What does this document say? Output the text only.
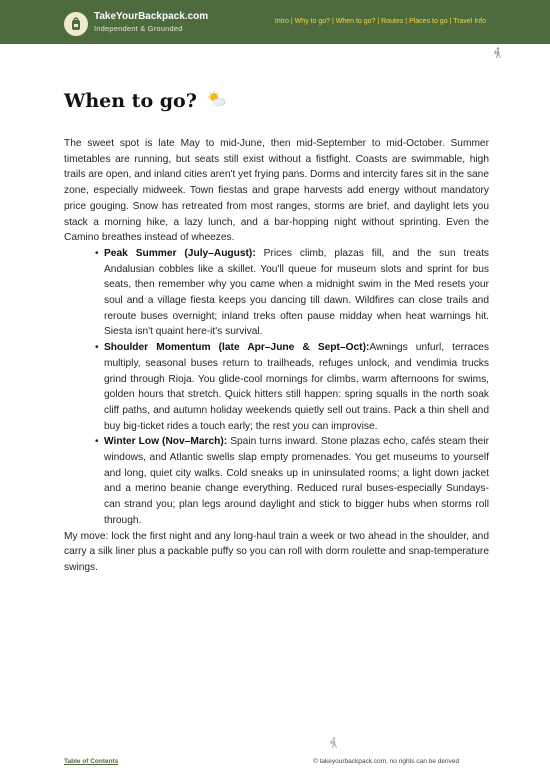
TakeYourBackpack.com
Independent & Grounded
Intro | Why to go? | When to go? | Routes | Places to go | Travel Info
When to go?

The sweet spot is late May to mid-June, then mid-September to mid-October. Summer timetables are running, but seats still exist without a fistfight. Coasts are swimmable, high trails are open, and inland cities aren't yet frying pans. Dorms and intercity fares sit in the sane zone, especially midweek. Town fiestas and grape harvests add energy without mandatory price gouging. Snow has retreated from most ranges, storms are brief, and daylight lets you stack a morning hike, a lazy lunch, and a bar-hopping night without sprinting. Even the Camino breathes instead of wheezes.

• Peak Summer (July–August): Prices climb, plazas fill, and the sun treats Andalusian cobbles like a skillet. You'll queue for museum slots and sprint for bus seats, then remember why you came when a midnight swim in the Med resets your soul and a village fiesta keeps you dancing till dawn. Wildfires can close trails and reroute buses overnight; inland treks often pause midday when heat warnings hit. Siesta isn't quaint here-it's survival.
• Shoulder Momentum (late Apr–June & Sept–Oct):Awnings unfurl, terraces multiply, seasonal buses return to trailheads, refuges unlock, and vendimia trucks grind through Rioja. You glide-cool mornings for climbs, warm afternoons for swims, golden hours that stretch. Quick hitters still happen: spring squalls in the north soak cliff paths, and autumn holiday weekends quietly sell out trains. Pack a thin shell and buy big-ticket rides a touch early; the rest you can improvise.
• Winter Low (Nov–March): Spain turns inward. Stone plazas echo, cafés steam their windows, and Atlantic swells slap empty promenades. You get museums to yourself and long, quiet city walks. Cold sneaks up in uninsulated rooms; a light down jacket and a merino beanie change everything. Reduced rural buses-especially Sundays-can strand you; plan legs around daylight and stick to bigger hubs when storms roll through.

My move: lock the first night and any long-haul train a week or two ahead in the shoulder, and carry a silk liner plus a packable puffy so you can roll with dorm roulette and snap-temperature swings.

Table of Contents	© takeyourbackpack.com, no rights can be derived
